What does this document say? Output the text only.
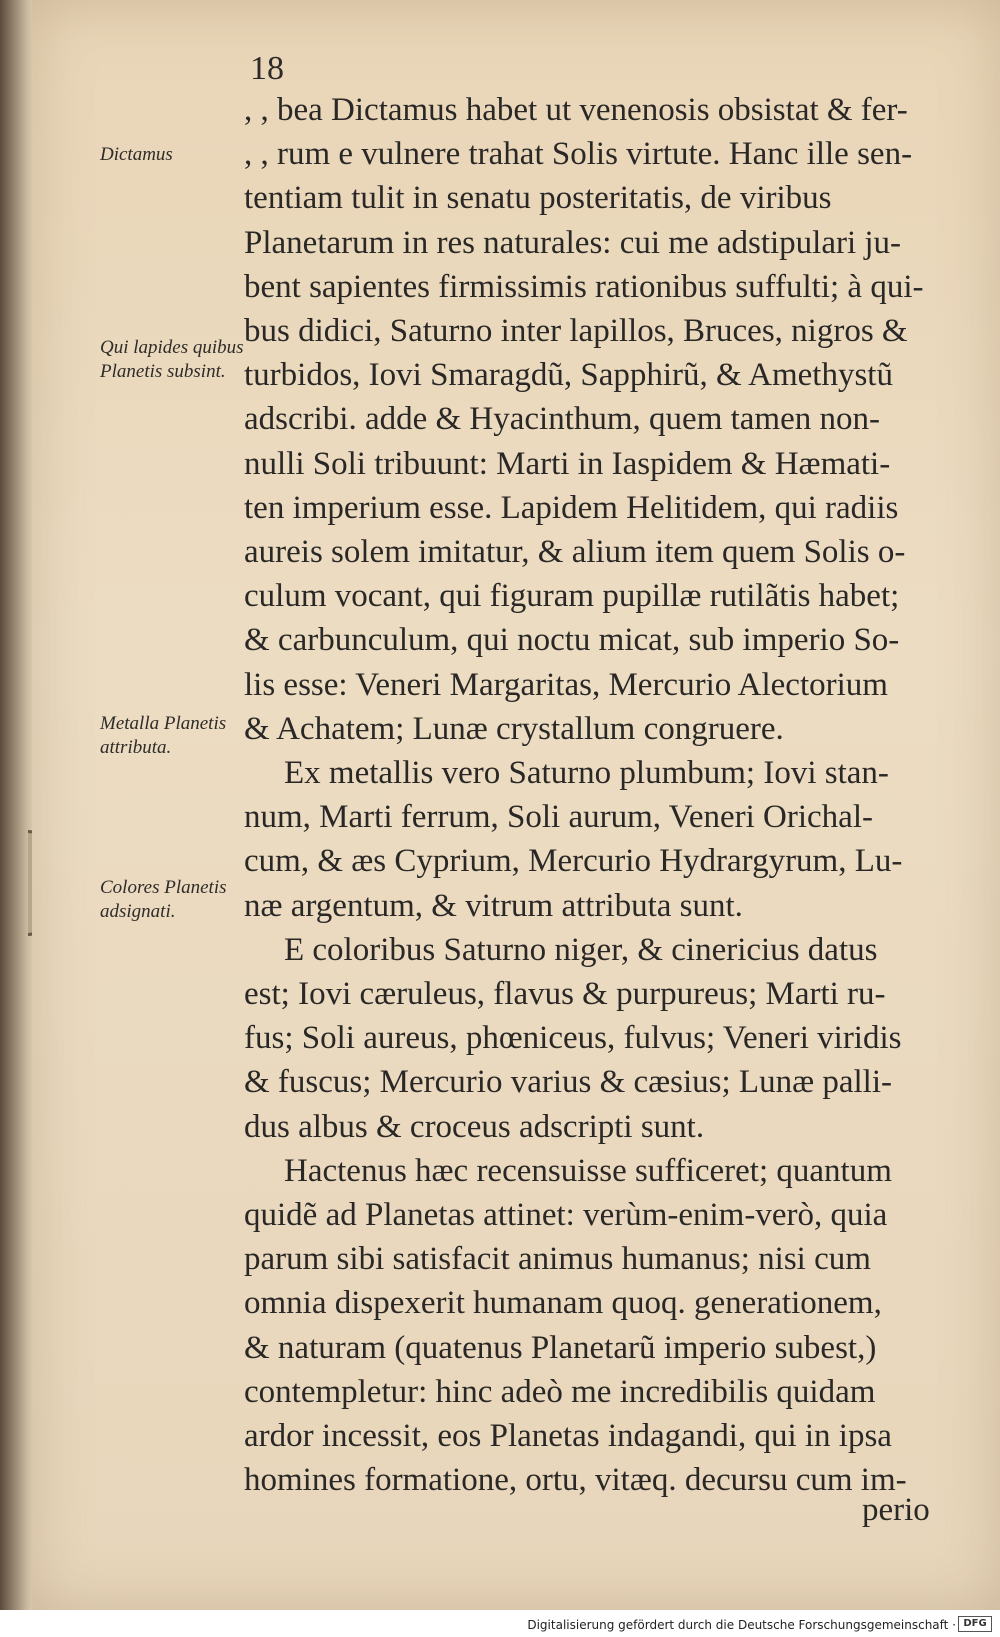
18
Dictamus
Qui lapides quibus Planetis subsint.
Metalla Planetis attributa.
Colores Planetis adsignati.
, , bea Dictamus habet ut venenosis obsistat & fer-
, , rum e vulnere trahat Solis virtute. Hanc ille sen-
tentiam tulit in senatu posteritatis, de viribus
Planetarum in res naturales: cui me adstipulari ju-
bent sapientes firmissimis rationibus suffulti; à qui-
bus didici, Saturno inter lapillos, Bruces, nigros &
turbidos, Iovi Smaragdũ, Sapphirũ, & Amethystũ
adscribi. adde & Hyacinthum, quem tamen non-
nulli Soli tribuunt: Marti in Iaspidem & Hæmati-
ten imperium esse. Lapidem Helitidem, qui radiis
aureis solem imitatur, & alium item quem Solis o-
culum vocant, qui figuram pupillæ rutilãtis habet;
& carbunculum, qui noctu micat, sub imperio So-
lis esse: Veneri Margaritas, Mercurio Alectorium
& Achatem; Lunæ crystallum congruere.
Ex metallis vero Saturno plumbum; Iovi stan-
num, Marti ferrum, Soli aurum, Veneri Orichal-
cum, & æs Cyprium, Mercurio Hydrargyrum, Lu-
næ argentum, & vitrum attributa sunt.
E coloribus Saturno niger, & cinericius datus
est; Iovi cæruleus, flavus & purpureus; Marti ru-
fus; Soli aureus, phœniceus, fulvus; Veneri viridis
& fuscus; Mercurio varius & cæsius; Lunæ palli-
dus albus & croceus adscripti sunt.
Hactenus hæc recensuisse sufficeret; quantum
quidẽ ad Planetas attinet: verùm-enim-verò, quia
parum sibi satisfacit animus humanus; nisi cum
omnia dispexerit humanam quoq. generationem,
& naturam (quatenus Planetarũ imperio subest,)
contempletur: hinc adeò me incredibilis quidam
ardor incessit, eos Planetas indagandi, qui in ipsa
homines formatione, ortu, vitæq. decursu cum im-
perio
Digitalisierung gefördert durch die Deutsche Forschungsgemeinschaft · DFG
